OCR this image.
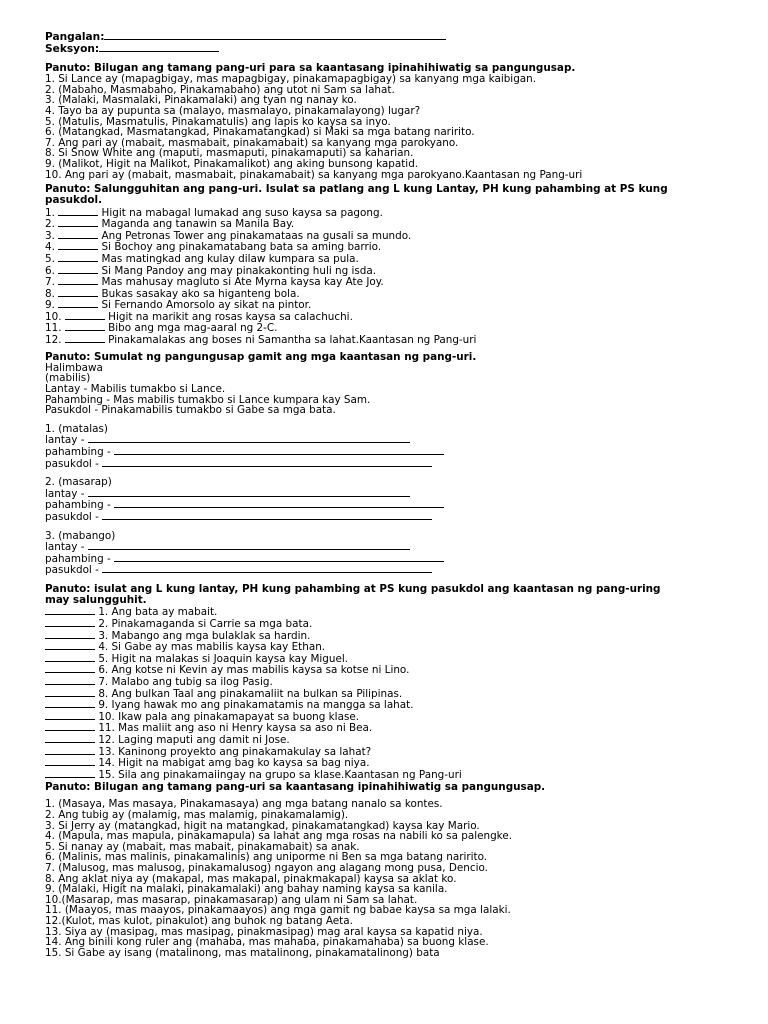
Pangalan:
Seksyon:
Panuto: Bilugan ang tamang pang-uri para sa kaantasang ipinahihiwatig sa pangungusap.
1. Si Lance ay (mapagbigay, mas mapagbigay, pinakamapagbigay) sa kanyang mga kaibigan.
2. (Mabaho, Masmabaho, Pinakamabaho) ang utot ni Sam sa lahat.
3. (Malaki, Masmalaki, Pinakamalaki) ang tyan ng nanay ko.
4. Tayo ba ay pupunta sa (malayo, masmalayo, pinakamalayong) lugar?
5. (Matulis, Masmatulis, Pinakamatulis) ang lapis ko kaysa sa inyo.
6. (Matangkad, Masmatangkad, Pinakamatangkad) si Maki sa mga batang naririto.
7. Ang pari ay (mabait, masmabait, pinakamabait) sa kanyang mga parokyano.
8. Si Snow White ang (maputi, masmaputi, pinakamaputi) sa kaharian.
9. (Malikot, Higit na Malikot, Pinakamalikot) ang aking bunsong kapatid.
10. Ang pari ay (mabait, masmabait, pinakamabait) sa kanyang mga parokyano.Kaantasan ng Pang-uri
Panuto: Salungguhitan ang pang-uri. Isulat sa patlang ang L kung Lantay, PH kung pahambing at PS kung
pasukdol.
1.	Higit na mabagal lumakad ang suso kaysa sa pagong.
2.	Maganda ang tanawin sa Manila Bay.
3.	Ang Petronas Tower ang pinakamataas na gusali sa mundo.
4.	Si Bochoy ang pinakamatabang bata sa aming barrio.
5.	Mas matingkad ang kulay dilaw kumpara sa pula.
6.	Si Mang Pandoy ang may pinakakonting huli ng isda.
7.	Mas mahusay magluto si Ate Myrna kaysa kay Ate Joy.
8.	Bukas sasakay ako sa higanteng bola.
9.	Si Fernando Amorsolo ay sikat na pintor.
10.	Higit na marikit ang rosas kaysa sa calachuchi.
11.	Bibo ang mga mag-aaral ng 2-C.
12.	Pinakamalakas ang boses ni Samantha sa lahat.Kaantasan ng Pang-uri
Panuto: Sumulat ng pangungusap gamit ang mga kaantasan ng pang-uri.
Halimbawa
(mabilis)
Lantay - Mabilis tumakbo si Lance.
Pahambing - Mas mabilis tumakbo si Lance kumpara kay Sam.
Pasukdol - Pinakamabilis tumakbo si Gabe sa mga bata.
1. (matalas)
lantay -
pahambing -
pasukdol -
2. (masarap)
lantay -
pahambing -
pasukdol -
3. (mabango)
lantay -
pahambing -
pasukdol -
Panuto: isulat ang L kung lantay, PH kung pahambing at PS kung pasukdol ang kaantasan ng pang-uring
may salungguhit.
1. Ang bata ay mabait.
2. Pinakamaganda si Carrie sa mga bata.
3. Mabango ang mga bulaklak sa hardin.
4. Si Gabe ay mas mabilis kaysa kay Ethan.
5. Higit na malakas si Joaquin kaysa kay Miguel.
6. Ang kotse ni Kevin ay mas mabilis kaysa sa kotse ni Lino.
7. Malabo ang tubig sa ilog Pasig.
8. Ang bulkan Taal ang pinakamaliit na bulkan sa Pilipinas.
9. Iyang hawak mo ang pinakamatamis na mangga sa lahat.
10. Ikaw pala ang pinakamapayat sa buong klase.
11. Mas maliit ang aso ni Henry kaysa sa aso ni Bea.
12. Laging maputi ang damit ni Jose.
13. Kaninong proyekto ang pinakamakulay sa lahat?
14. Higit na mabigat amg bag ko kaysa sa bag niya.
15. Sila ang pinakamaiingay na grupo sa klase.Kaantasan ng Pang-uri
Panuto: Bilugan ang tamang pang-uri sa kaantasang ipinahihiwatig sa pangungusap.
1. (Masaya, Mas masaya, Pinakamasaya) ang mga batang nanalo sa kontes.
2. Ang tubig ay (malamig, mas malamig, pinakamalamig).
3. Si Jerry ay (matangkad, higit na matangkad, pinakamatangkad) kaysa kay Mario.
4. (Mapula, mas mapula, pinakamapula) sa lahat ang mga rosas na nabili ko sa palengke.
5. Si nanay ay (mabait, mas mabait, pinakamabait) sa anak.
6. (Malinis, mas malinis, pinakamalinis) ang uniporme ni Ben sa mga batang naririto.
7. (Malusog, mas malusog, pinakamalusog) ngayon ang alagang mong pusa, Dencio.
8. Ang aklat niya ay (makapal, mas makapal, pinakmakapal) kaysa sa aklat ko.
9. (Malaki, Higit na malaki, pinakamalaki) ang bahay naming kaysa sa kanila.
10.(Masarap, mas masarap, pinakamasarap) ang ulam ni Sam sa lahat.
11. (Maayos, mas maayos, pinakamaayos) ang mga gamit ng babae kaysa sa mga lalaki.
12.(Kulot, mas kulot, pinakulot) ang buhok ng batang Aeta.
13. Siya ay (masipag, mas masipag, pinakmasipag) mag aral kaysa sa kapatid niya.
14. Ang binili kong ruler ang (mahaba, mas mahaba, pinakamahaba) sa buong klase.
15. Si Gabe ay isang (matalinong, mas matalinong, pinakamatalinong) bata
